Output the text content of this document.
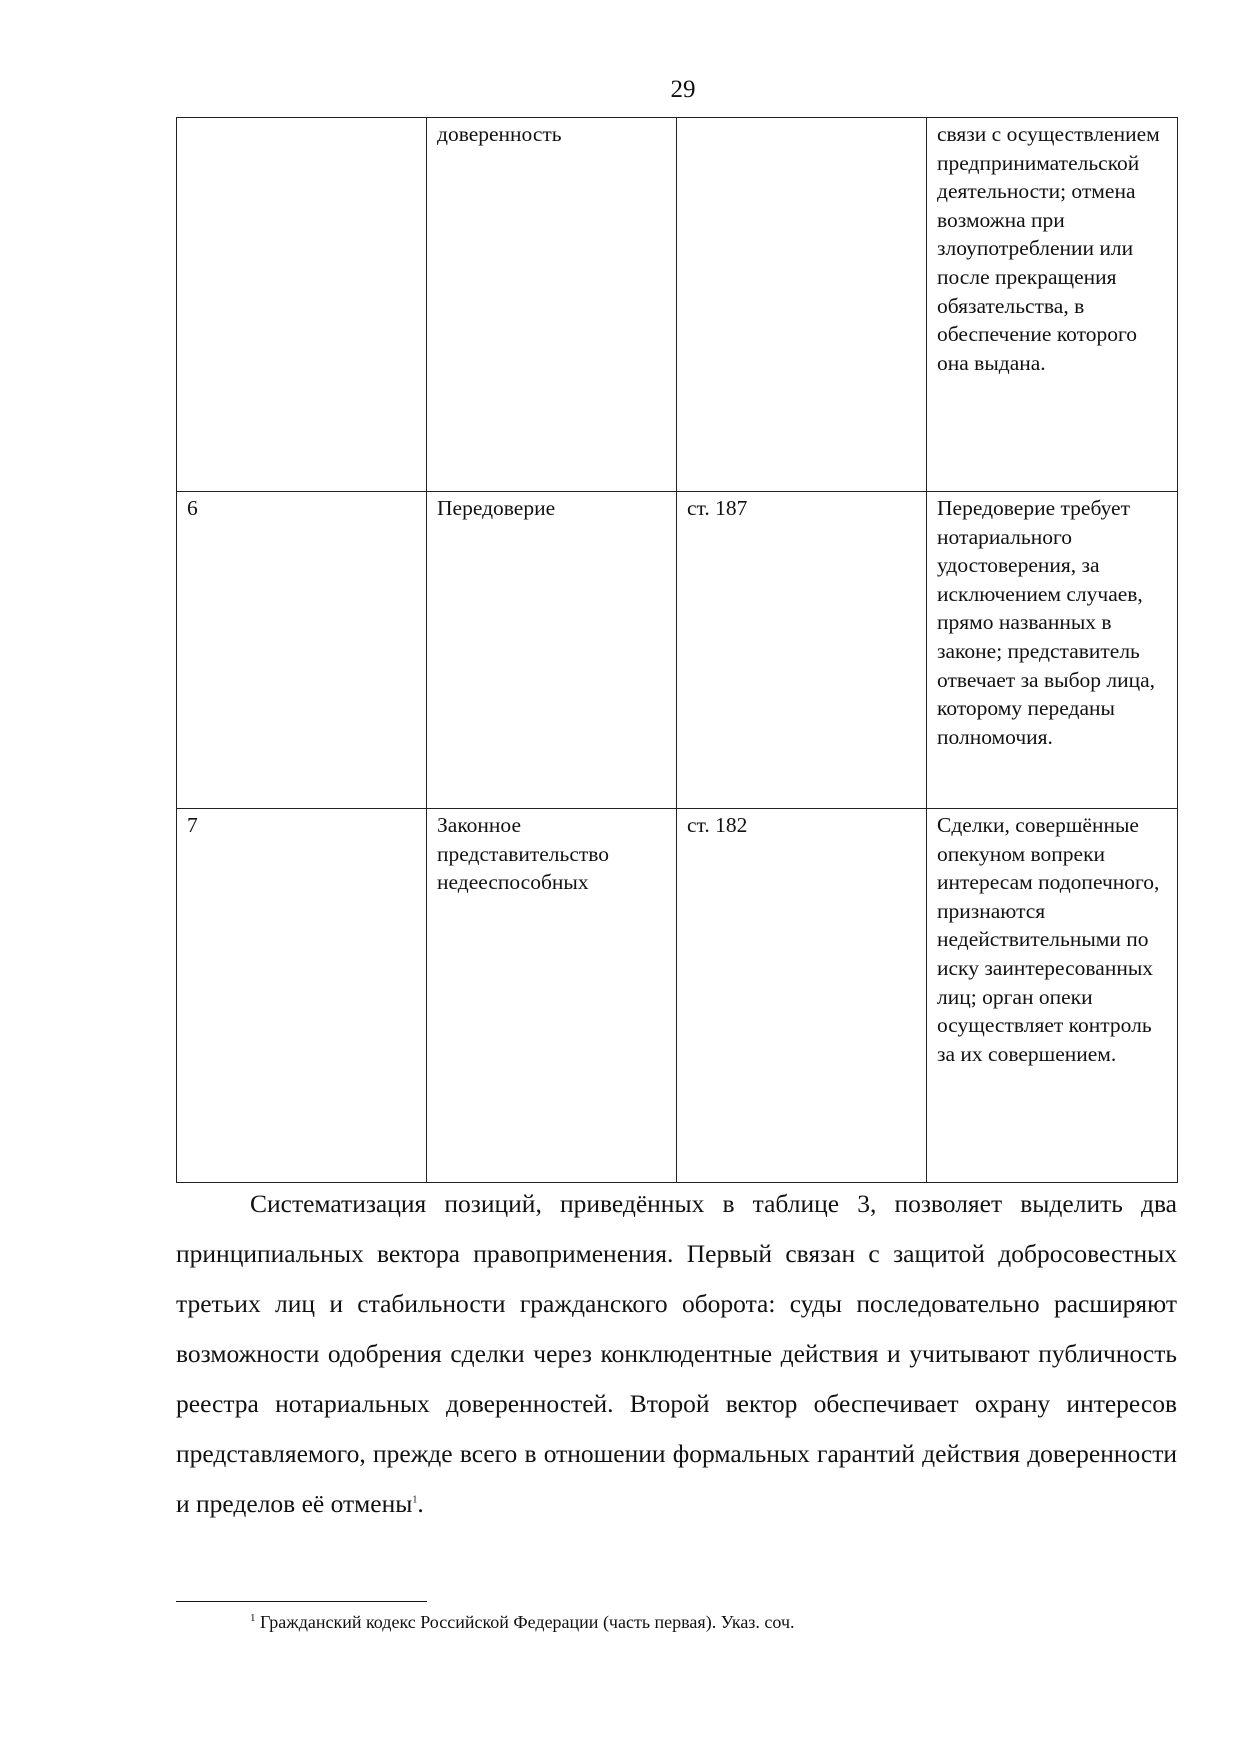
29
	доверенность		связи с осуществлением предпринимательской деятельности; отмена возможна при злоупотреблении или после прекращения обязательства, в обеспечение которого она выдана.
6	Передоверие	ст. 187	Передоверие требует нотариального удостоверения, за исключением случаев, прямо названных в законе; представитель отвечает за выбор лица, которому переданы полномочия.
7	Законное представительство недееспособных	ст. 182	Сделки, совершённые опекуном вопреки интересам подопечного, признаются недействительными по иску заинтересованных лиц; орган опеки осуществляет контроль за их совершением.

Систематизация позиций, приведённых в таблице 3, позволяет выделить два принципиальных вектора правоприменения. Первый связан с защитой добросовестных третьих лиц и стабильности гражданского оборота: суды последовательно расширяют возможности одобрения сделки через конклюдентные действия и учитывают публичность реестра нотариальных доверенностей. Второй вектор обеспечивает охрану интересов представляемого, прежде всего в отношении формальных гарантий действия доверенности и пределов её отмены$^1$.

$^1$ Гражданский кодекс Российской Федерации (часть первая). Указ. соч.
